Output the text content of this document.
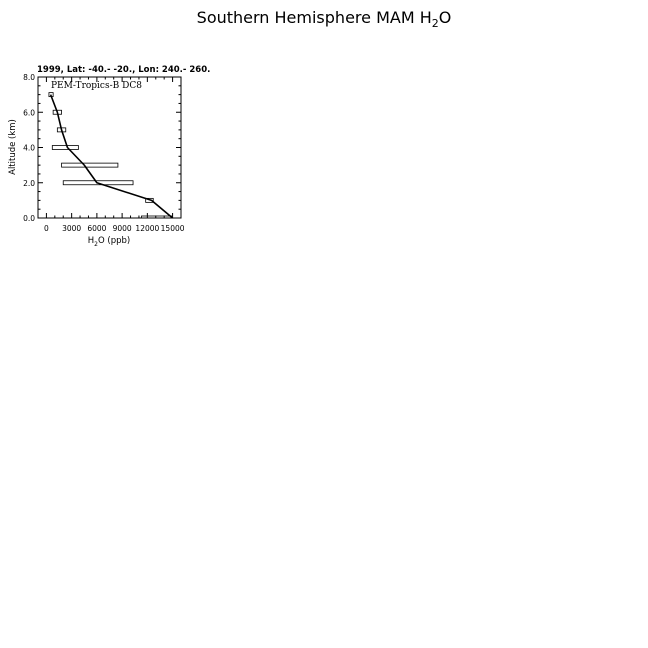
Southern Hemisphere MAM $H_2O$
1999, Lat: -40.- -20., Lon: 240.- 260.
0 3000 6000 9000 12000 15000
0.0
2.0
4.0
6.0
8.0
PEM-Tropics-B DC8
$H_2O$ (ppb)
Altitude (km)
